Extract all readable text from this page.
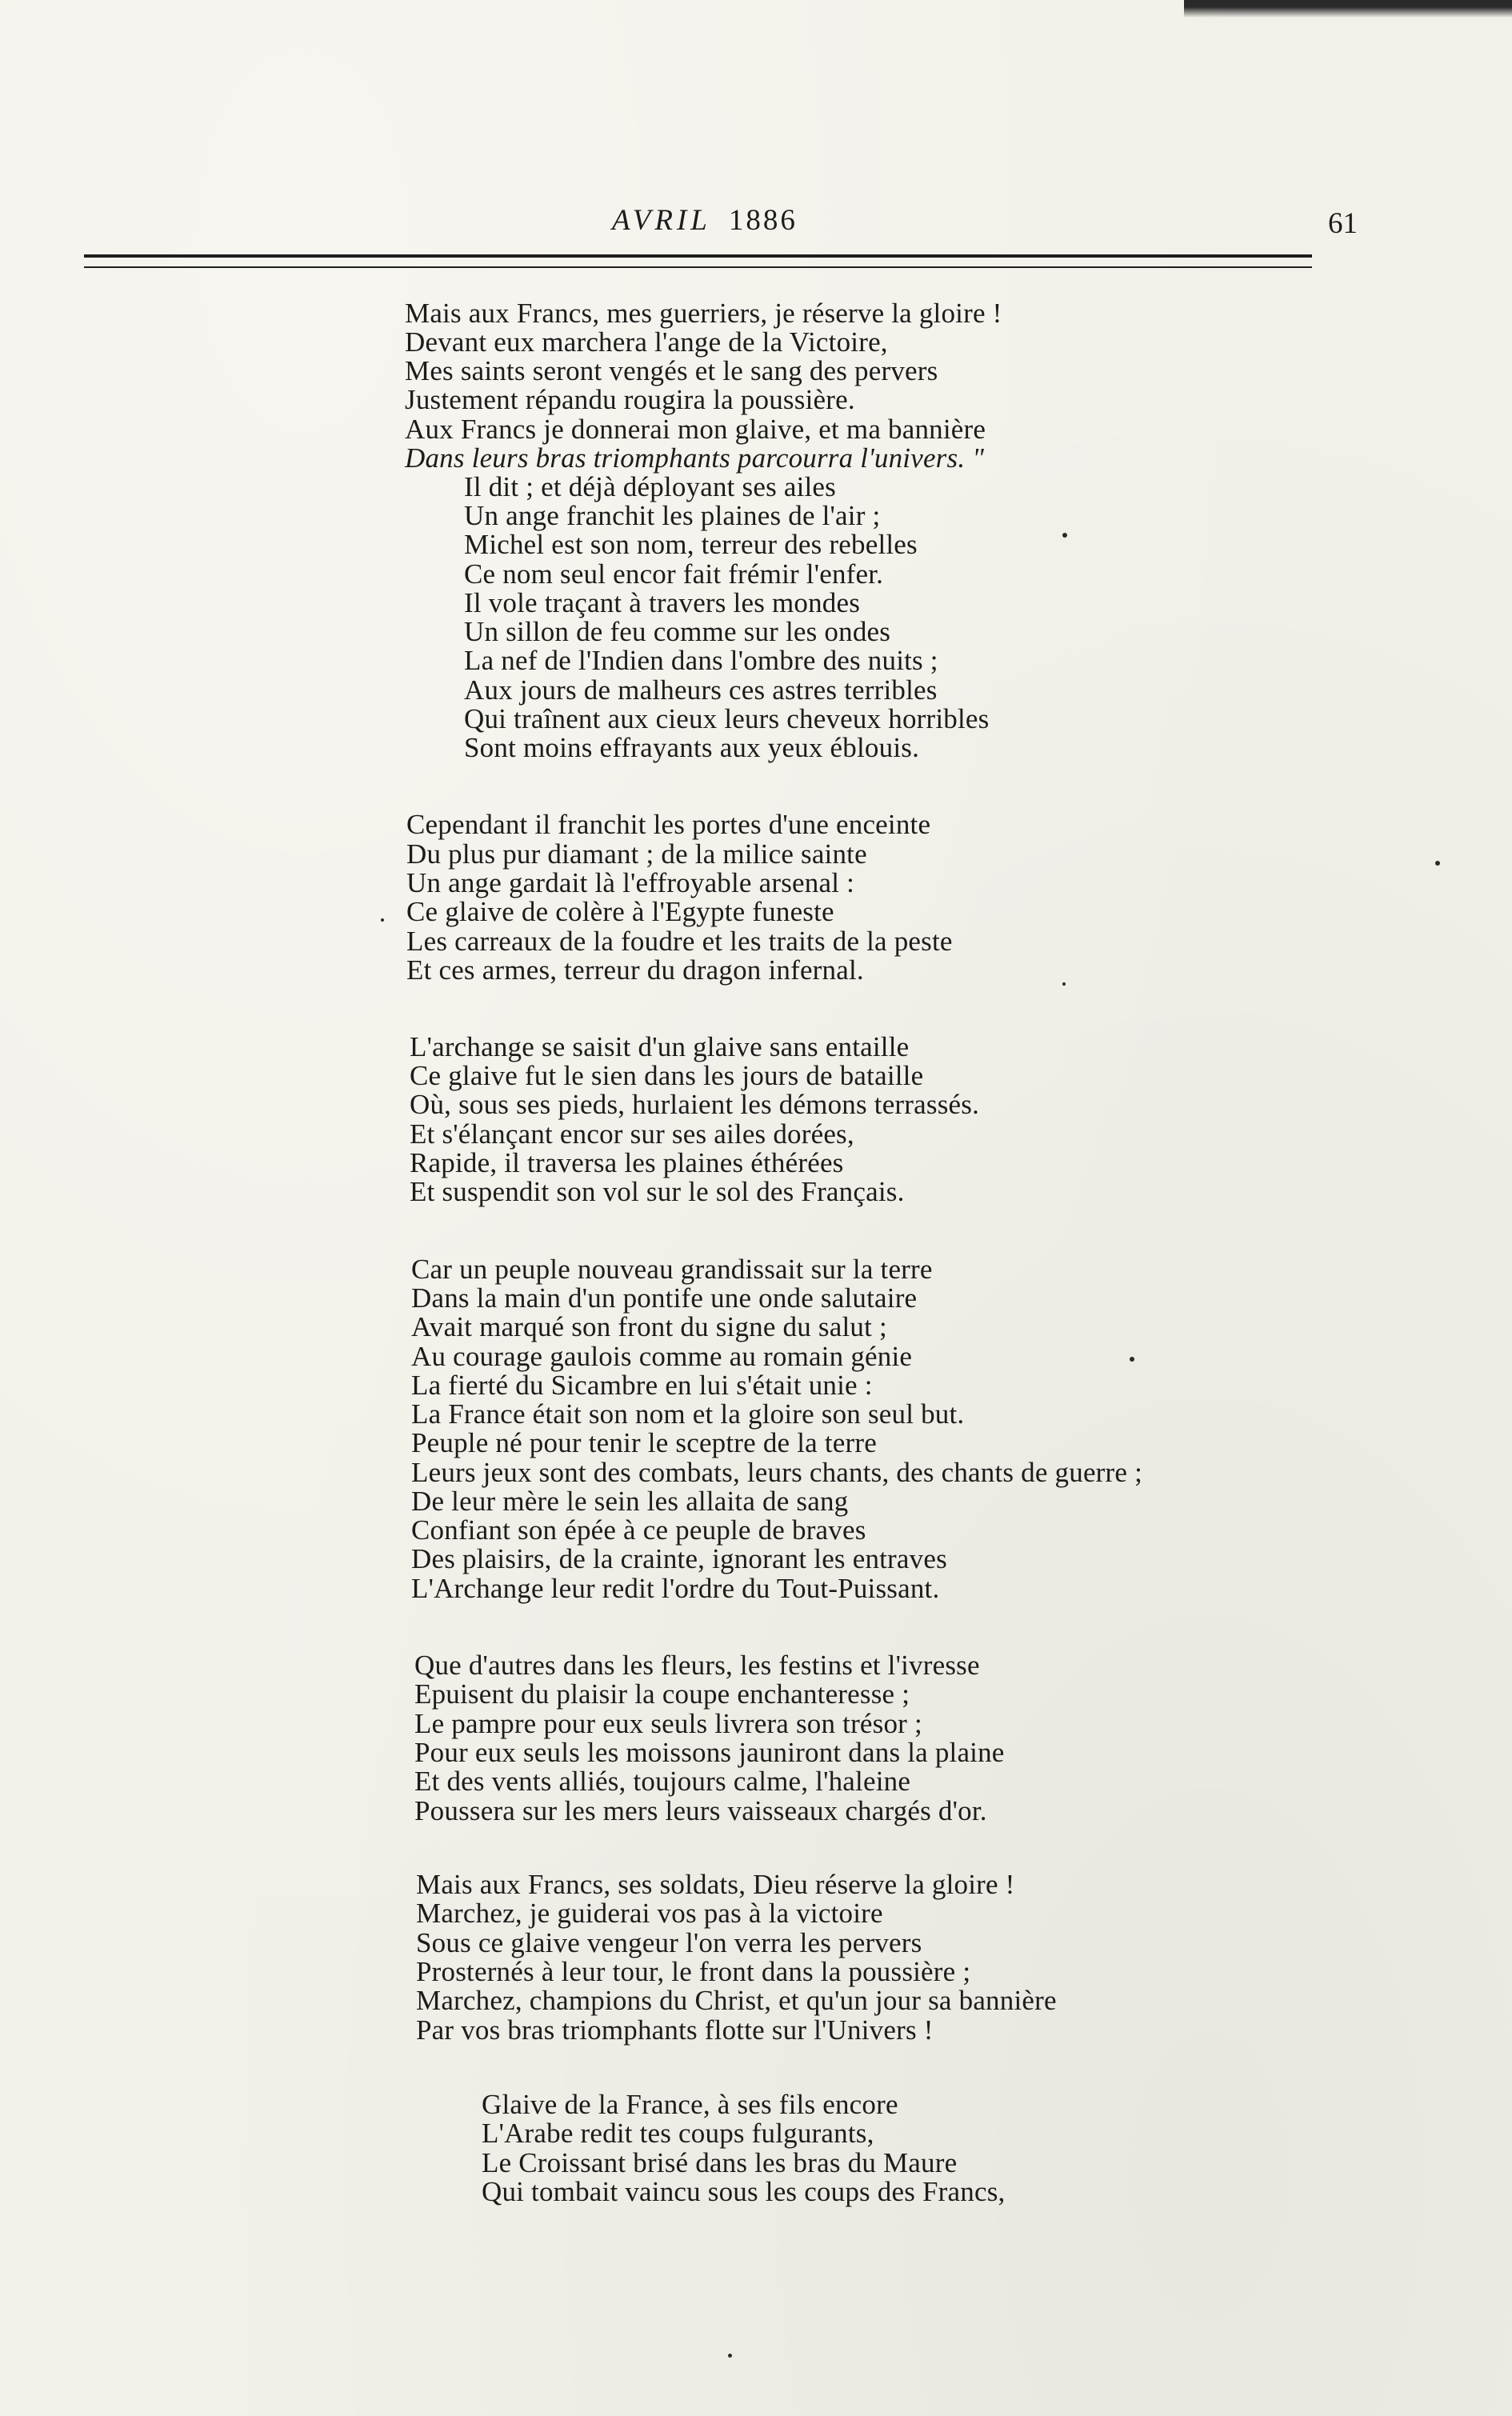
AVRIL 1886	61
Mais aux Francs, mes guerriers, je réserve la gloire !
Devant eux marchera l'ange de la Victoire,
Mes saints seront vengés et le sang des pervers
Justement répandu rougira la poussière.
Aux Francs je donnerai mon glaive, et ma bannière
Dans leurs bras triomphants parcourra l'univers. "
Il dit ; et déjà déployant ses ailes
Un ange franchit les plaines de l'air ;
Michel est son nom, terreur des rebelles
Ce nom seul encor fait frémir l'enfer.
Il vole traçant à travers les mondes
Un sillon de feu comme sur les ondes
La nef de l'Indien dans l'ombre des nuits ;
Aux jours de malheurs ces astres terribles
Qui traînent aux cieux leurs cheveux horribles
Sont moins effrayants aux yeux éblouis.
Cependant il franchit les portes d'une enceinte
Du plus pur diamant ; de la milice sainte
Un ange gardait là l'effroyable arsenal :
Ce glaive de colère à l'Egypte funeste
Les carreaux de la foudre et les traits de la peste
Et ces armes, terreur du dragon infernal.
L'archange se saisit d'un glaive sans entaille
Ce glaive fut le sien dans les jours de bataille
Où, sous ses pieds, hurlaient les démons terrassés.
Et s'élançant encor sur ses ailes dorées,
Rapide, il traversa les plaines éthérées
Et suspendit son vol sur le sol des Français.
Car un peuple nouveau grandissait sur la terre
Dans la main d'un pontife une onde salutaire
Avait marqué son front du signe du salut ;
Au courage gaulois comme au romain génie
La fierté du Sicambre en lui s'était unie :
La France était son nom et la gloire son seul but.
Peuple né pour tenir le sceptre de la terre
Leurs jeux sont des combats, leurs chants, des chants de guerre ;
De leur mère le sein les allaita de sang
Confiant son épée à ce peuple de braves
Des plaisirs, de la crainte, ignorant les entraves
L'Archange leur redit l'ordre du Tout-Puissant.
Que d'autres dans les fleurs, les festins et l'ivresse
Epuisent du plaisir la coupe enchanteresse ;
Le pampre pour eux seuls livrera son trésor ;
Pour eux seuls les moissons jauniront dans la plaine
Et des vents alliés, toujours calme, l'haleine
Poussera sur les mers leurs vaisseaux chargés d'or.
Mais aux Francs, ses soldats, Dieu réserve la gloire !
Marchez, je guiderai vos pas à la victoire
Sous ce glaive vengeur l'on verra les pervers
Prosternés à leur tour, le front dans la poussière ;
Marchez, champions du Christ, et qu'un jour sa bannière
Par vos bras triomphants flotte sur l'Univers !
Glaive de la France, à ses fils encore
L'Arabe redit tes coups fulgurants,
Le Croissant brisé dans les bras du Maure
Qui tombait vaincu sous les coups des Francs,
